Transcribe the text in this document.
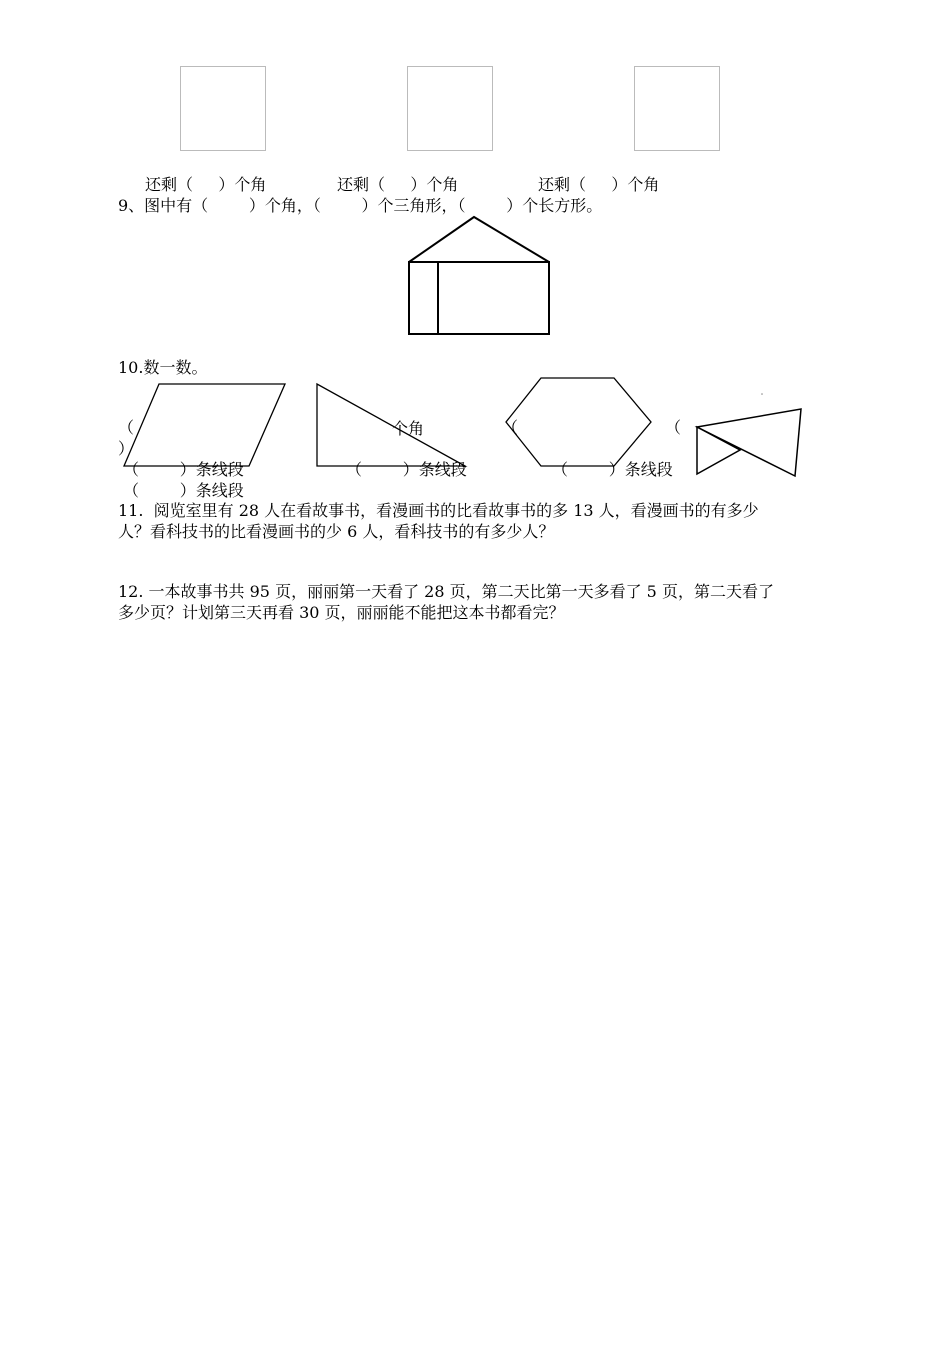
还剩（     ）个角	还剩（     ）个角	还剩（     ）个角
9、图中有（        ）个角，（        ）个三角形，（        ）个长方形。
10.数一数。
（
）
个角	（	（
（        ）条线段	（        ）条线段	（        ）条线段
（        ）条线段
11.  阅览室里有 28 人在看故事书，看漫画书的比看故事书的多 13 人，看漫画书的有多少
人？看科技书的比看漫画书的少 6 人，看科技书的有多少人？
12. 一本故事书共 95 页，丽丽第一天看了 28 页，第二天比第一天多看了 5 页，第二天看了
多少页？计划第三天再看 30 页，丽丽能不能把这本书都看完？
